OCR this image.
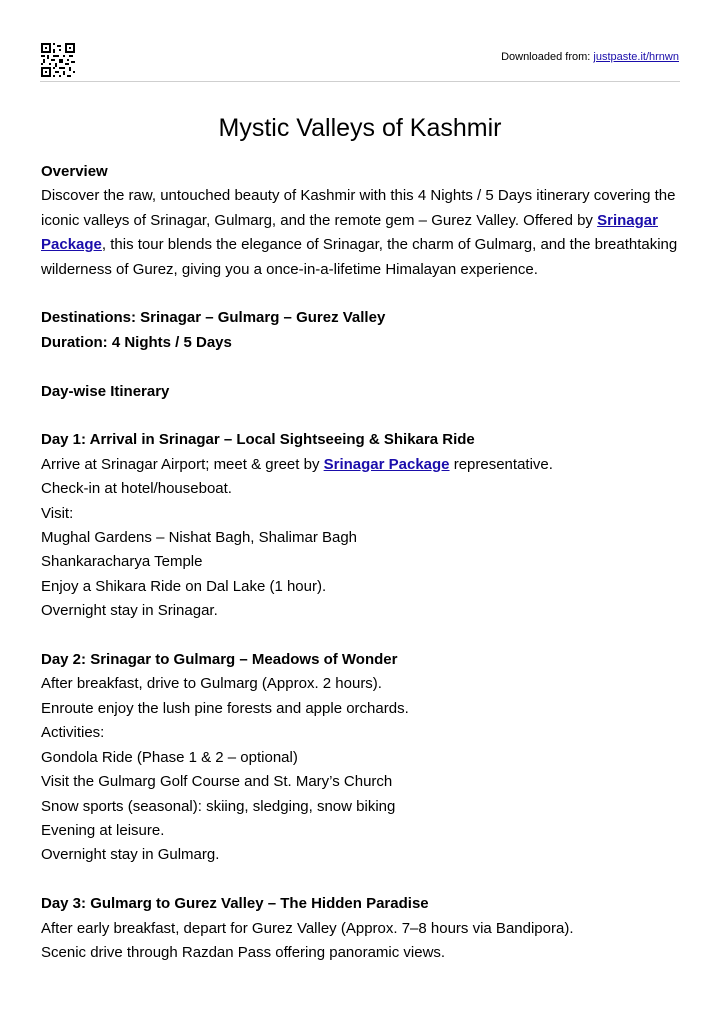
Downloaded from: justpaste.it/hrnwn
Mystic Valleys of Kashmir

Overview

Discover the raw, untouched beauty of Kashmir with this 4 Nights / 5 Days itinerary covering the iconic valleys of Srinagar, Gulmarg, and the remote gem – Gurez Valley. Offered by Srinagar Package, this tour blends the elegance of Srinagar, the charm of Gulmarg, and the breathtaking wilderness of Gurez, giving you a once-in-a-lifetime Himalayan experience.

Destinations: Srinagar – Gulmarg – Gurez Valley

Duration: 4 Nights / 5 Days

Day-wise Itinerary

Day 1: Arrival in Srinagar – Local Sightseeing & Shikara Ride

Arrive at Srinagar Airport; meet & greet by Srinagar Package representative.

Check-in at hotel/houseboat.

Visit:

Mughal Gardens – Nishat Bagh, Shalimar Bagh

Shankaracharya Temple

Enjoy a Shikara Ride on Dal Lake (1 hour).

Overnight stay in Srinagar.

Day 2: Srinagar to Gulmarg – Meadows of Wonder

After breakfast, drive to Gulmarg (Approx. 2 hours).

Enroute enjoy the lush pine forests and apple orchards.

Activities:

Gondola Ride (Phase 1 & 2 – optional)

Visit the Gulmarg Golf Course and St. Mary’s Church

Snow sports (seasonal): skiing, sledging, snow biking

Evening at leisure.

Overnight stay in Gulmarg.

Day 3: Gulmarg to Gurez Valley – The Hidden Paradise

After early breakfast, depart for Gurez Valley (Approx. 7–8 hours via Bandipora).

Scenic drive through Razdan Pass offering panoramic views.
